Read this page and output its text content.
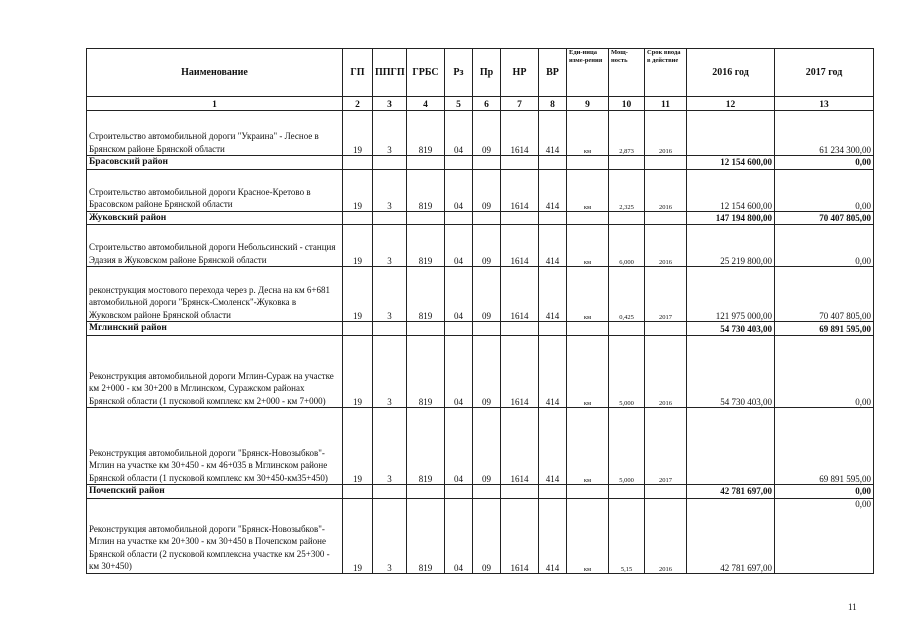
Наименование	ГП	ППГП	ГРБС	Рз	Пр	НР	ВР	Еди-ница изме-рения	Мощ-ность	Срок ввода в действие	2016 год	2017 год
1	2	3	4	5	6	7	8	9	10	11	12	13
Строительство автомобильной дороги "Украина" - Лесное в Брянском районе Брянской области	19	3	819	04	09	1614	414	км	2,873	2016		61 234 300,00
Брасовский район											12 154 600,00	0,00
Строительство автомобильной дороги Красное-Кретово в Брасовском районе Брянской области	19	3	819	04	09	1614	414	км	2,325	2016	12 154 600,00	0,00
Жуковский район											147 194 800,00	70 407 805,00
Строительство автомобильной дороги Небольсинский - станция Эдазия в Жуковском районе Брянской области	19	3	819	04	09	1614	414	км	6,000	2016	25 219 800,00	0,00
реконструкция мостового перехода через р. Десна на км 6+681 автомобильной дороги "Брянск-Смоленск"-Жуковка в Жуковском районе Брянской области	19	3	819	04	09	1614	414	км	0,425	2017	121 975 000,00	70 407 805,00
Мглинский район											54 730 403,00	69 891 595,00
Реконструкция автомобильной дороги Мглин-Сураж на участке км 2+000 - км 30+200 в Мглинском, Суражском районах Брянской области (1 пусковой комплекс км 2+000 - км 7+000)	19	3	819	04	09	1614	414	км	5,000	2016	54 730 403,00	0,00
Реконструкция автомобильной дороги "Брянск-Новозыбков"-Мглин на участке км 30+450 - км 46+035 в Мглинском районе Брянской области (1 пусковой комплекс км 30+450-км35+450)	19	3	819	04	09	1614	414	км	5,000	2017		69 891 595,00
Почепский район											42 781 697,00	0,00
Реконструкция автомобильной дороги "Брянск-Новозыбков"-Мглин на участке км 20+300 - км 30+450 в Почепском районе Брянской области (2 пусковой комплексна участке км 25+300 - км 30+450)	19	3	819	04	09	1614	414	км	5,15	2016	42 781 697,00	0,00
11
